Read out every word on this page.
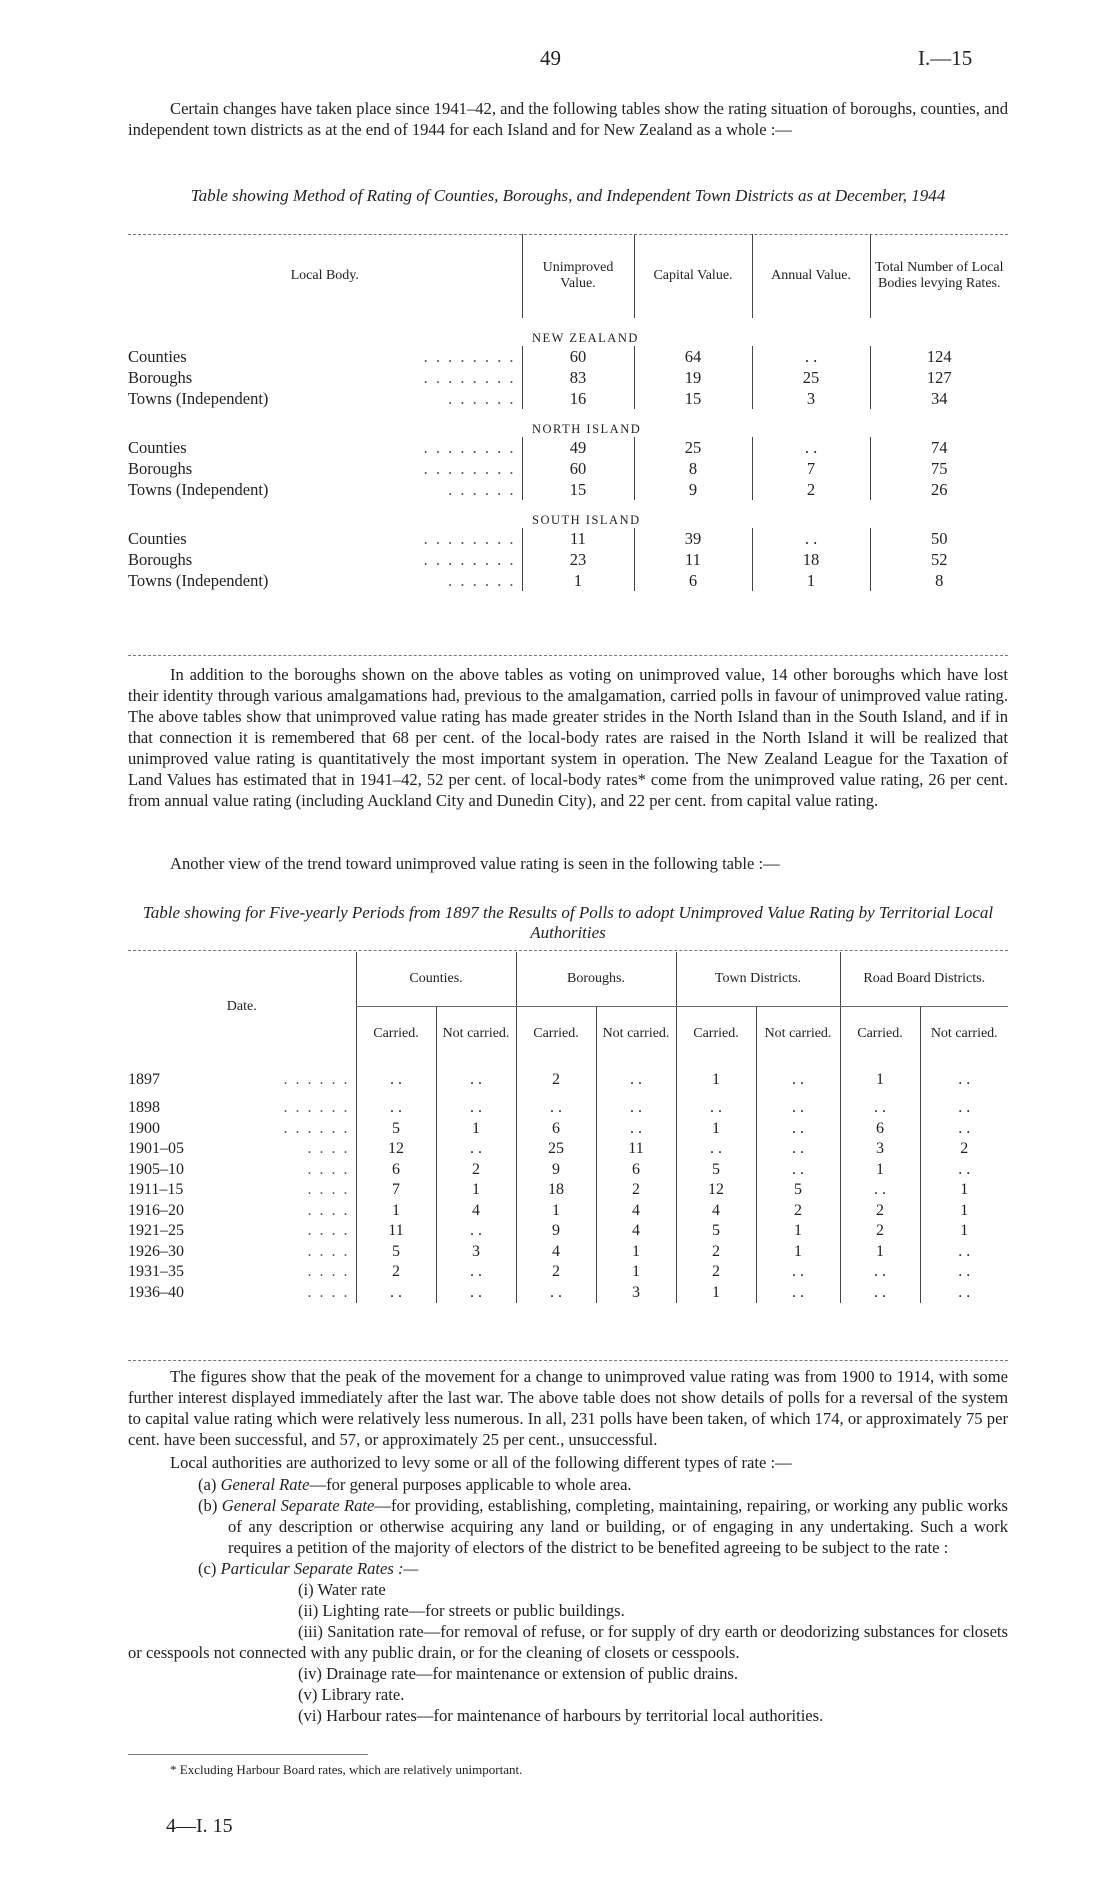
49	I.—15

Certain changes have taken place since 1941–42, and the following tables show the rating situation of boroughs, counties, and independent town districts as at the end of 1944 for each Island and for New Zealand as a whole :—

Table showing Method of Rating of Counties, Boroughs, and Independent Town Districts as at December, 1944

Local Body.	Unimproved Value.	Capital Value.	Annual Value.	Total Number of Local Bodies levying Rates.
	NEW ZEALAND			
Counties . . . . . . . .	60	64	. .	124
Boroughs . . . . . . . .	83	19	25	127
Towns (Independent) . . . . . .	16	15	3	34
	NORTH ISLAND			
Counties . . . . . . . .	49	25	. .	74
Boroughs . . . . . . . .	60	8	7	75
Towns (Independent) . . . . . .	15	9	2	26
	SOUTH ISLAND			
Counties . . . . . . . .	11	39	. .	50
Boroughs . . . . . . . .	23	11	18	52
Towns (Independent) . . . . . .	1	6	1	8

In addition to the boroughs shown on the above tables as voting on unimproved value, 14 other boroughs which have lost their identity through various amalgamations had, previous to the amalgamation, carried polls in favour of unimproved value rating. The above tables show that unimproved value rating has made greater strides in the North Island than in the South Island, and if in that connection it is remembered that 68 per cent. of the local-body rates are raised in the North Island it will be realized that unimproved value rating is quantitatively the most important system in operation. The New Zealand League for the Taxation of Land Values has estimated that in 1941–42, 52 per cent. of local-body rates* come from the unimproved value rating, 26 per cent. from annual value rating (including Auckland City and Dunedin City), and 22 per cent. from capital value rating.

Another view of the trend toward unimproved value rating is seen in the following table :—

Table showing for Five-yearly Periods from 1897 the Results of Polls to adopt Unimproved Value Rating by Territorial Local Authorities

Date.	Counties.		Boroughs.		Town Districts.		Road Board Districts.	
	Carried.	Not carried.	Carried.	Not carried.	Carried.	Not carried.	Carried.	Not carried.
1897 . . . . . .	. .	. .	2	. .	1	. .	1	. .
1898 . . . . . .	. .	. .	. .	. .	. .	. .	. .	. .
1900 . . . . . .	5	1	6	. .	1	. .	6	. .
1901–05 . . . .	12	. .	25	11	. .	. .	3	2
1905–10 . . . .	6	2	9	6	5	. .	1	. .
1911–15 . . . .	7	1	18	2	12	5	. .	1
1916–20 . . . .	1	4	1	4	4	2	2	1
1921–25 . . . .	11	. .	9	4	5	1	2	1
1926–30 . . . .	5	3	4	1	2	1	1	. .
1931–35 . . . .	2	. .	2	1	2	. .	. .	. .
1936–40 . . . .	. .	. .	. .	3	1	. .	. .	. .

The figures show that the peak of the movement for a change to unimproved value rating was from 1900 to 1914, with some further interest displayed immediately after the last war. The above table does not show details of polls for a reversal of the system to capital value rating which were relatively less numerous. In all, 231 polls have been taken, of which 174, or approximately 75 per cent. have been successful, and 57, or approximately 25 per cent., unsuccessful.

Local authorities are authorized to levy some or all of the following different types of rate :—

(a) General Rate—for general purposes applicable to whole area.
(b) General Separate Rate—for providing, establishing, completing, maintaining, repairing, or working any public works of any description or otherwise acquiring any land or building, or of engaging in any undertaking. Such a work requires a petition of the majority of electors of the district to be benefited agreeing to be subject to the rate :
(c) Particular Separate Rates :—
(i) Water rate
(ii) Lighting rate—for streets or public buildings.
(iii) Sanitation rate—for removal of refuse, or for supply of dry earth or deodorizing substances for closets or cesspools not connected with any public drain, or for the cleaning of closets or cesspools.
(iv) Drainage rate—for maintenance or extension of public drains.
(v) Library rate.
(vi) Harbour rates—for maintenance of harbours by territorial local authorities.
* Excluding Harbour Board rates, which are relatively unimportant.
4—I. 15
